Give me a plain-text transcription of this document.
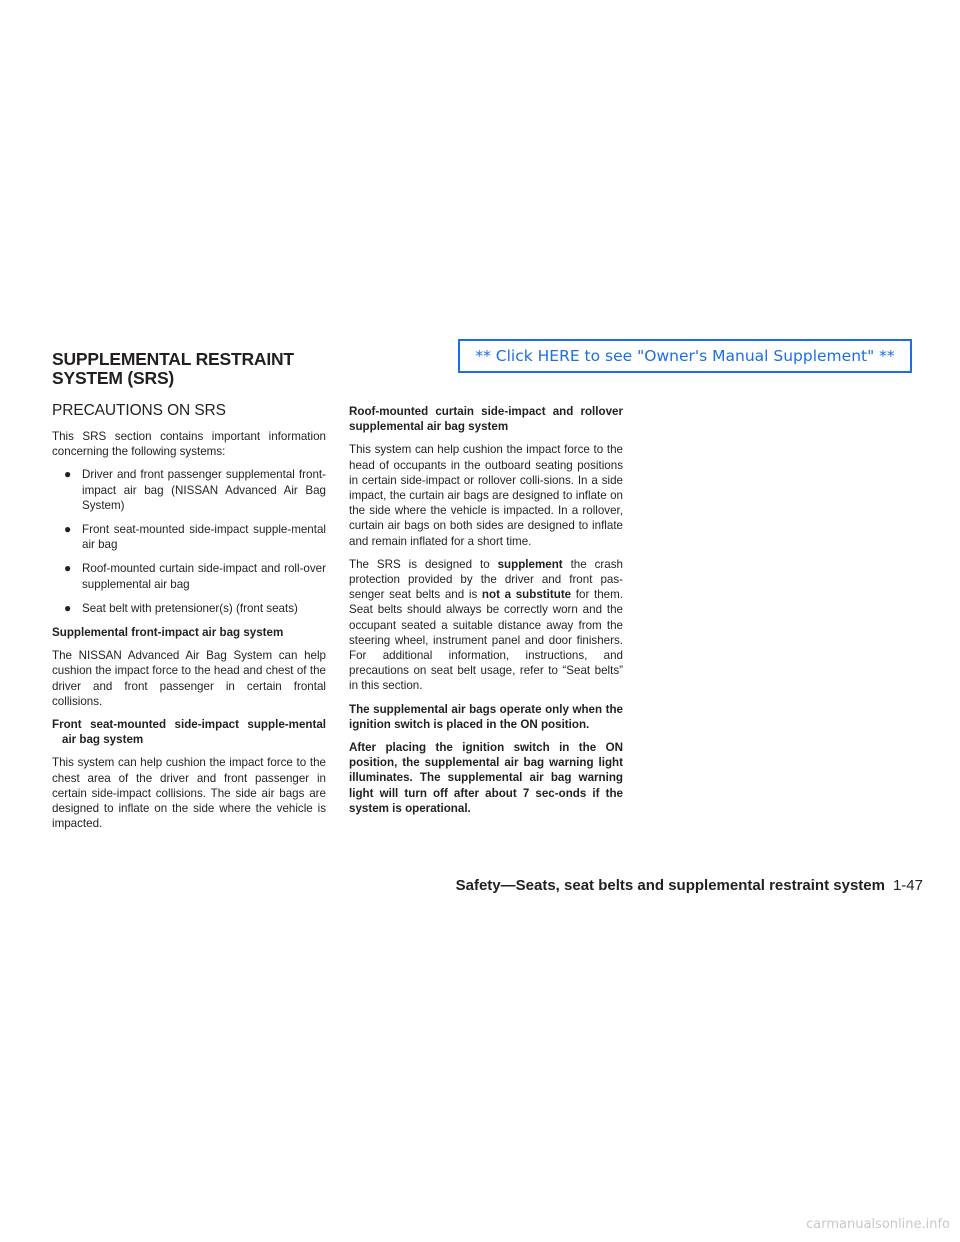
SUPPLEMENTAL RESTRAINT
SYSTEM (SRS)
** Click HERE to see "Owner's Manual Supplement" **
PRECAUTIONS ON SRS

This SRS section contains important information concerning the following systems:

● Driver and front passenger supplemental front-impact air bag (NISSAN Advanced Air Bag System)
● Front seat-mounted side-impact supple-mental air bag
● Roof-mounted curtain side-impact and roll-over supplemental air bag
● Seat belt with pretensioner(s) (front seats)
Supplemental front-impact air bag system

The NISSAN Advanced Air Bag System can help cushion the impact force to the head and chest of the driver and front passenger in certain frontal collisions.

Front seat-mounted side-impact supple-mental air bag system

This system can help cushion the impact force to the chest area of the driver and front passenger in certain side-impact collisions. The side air bags are designed to inflate on the side where the vehicle is impacted.

Roof-mounted curtain side-impact and rollover supplemental air bag system

This system can help cushion the impact force to the head of occupants in the outboard seating positions in certain side-impact or rollover colli-sions. In a side impact, the curtain air bags are designed to inflate on the side where the vehicle is impacted. In a rollover, curtain air bags on both sides are designed to inflate and remain inflated for a short time.

The SRS is designed to supplement the crash protection provided by the driver and front pas-senger seat belts and is not a substitute for them. Seat belts should always be correctly worn and the occupant seated a suitable distance away from the steering wheel, instrument panel and door finishers. For additional information, instructions, and precautions on seat belt usage, refer to “Seat belts” in this section.

The supplemental air bags operate only when the ignition switch is placed in the ON position.

After placing the ignition switch in the ON position, the supplemental air bag warning light illuminates. The supplemental air bag warning light will turn off after about 7 sec-onds if the system is operational.

Safety—Seats, seat belts and supplemental restraint system 1-47
carmanualsonline.info
